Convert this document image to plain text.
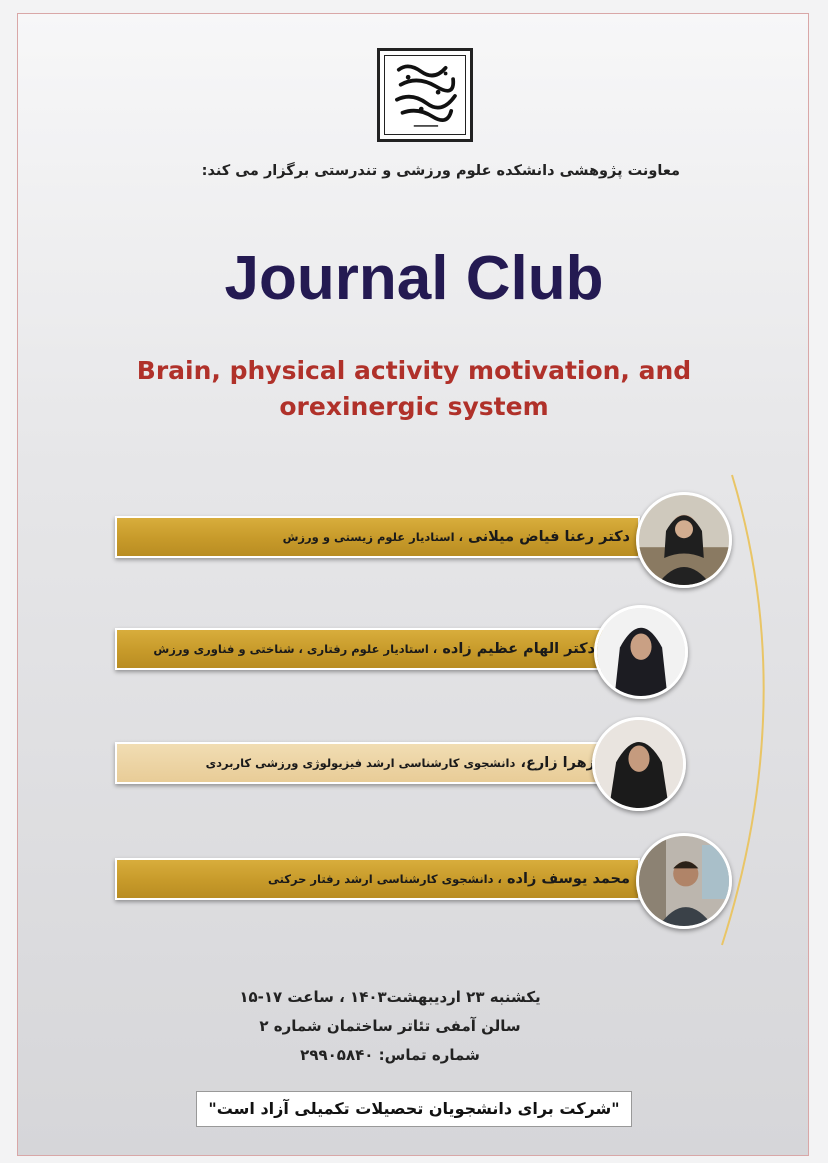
معاونت پژوهشی دانشکده علوم ورزشی و تندرستی برگزار می کند:
Journal Club
Brain, physical activity motivation, and
orexinergic system
دکتر رعنا فیاض میلانی

، استادیار علوم زیستی و ورزش
دکتر الهام عظیم زاده

، استادیار علوم رفتاری ، شناختی و فناوری ورزش
زهرا زارع،

دانشجوی کارشناسی ارشد فیزیولوژی ورزشی کاربردی
محمد یوسف زاده

، دانشجوی کارشناسی ارشد رفتار حرکتی
یکشنبه ۲۳ اردیبهشت۱۴۰۳ ، ساعت ۱۷-۱۵
سالن آمفی تئاتر ساختمان شماره ۲
شماره تماس: ۲۹۹۰۵۸۴۰
"شرکت برای دانشجویان تحصیلات تکمیلی آزاد است"
